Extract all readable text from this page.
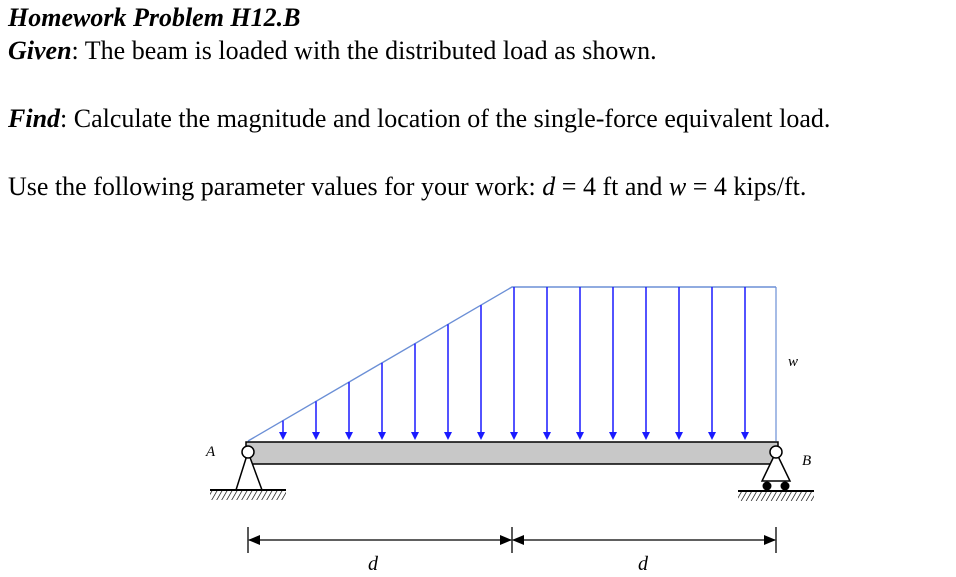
Homework Problem H12.B
Given: The beam is loaded with the distributed load as shown.
Find: Calculate the magnitude and location of the single-force equivalent load.
Use the following parameter values for your work: d = 4 ft and w = 4 kips/ft.
A
B
w
d	d
